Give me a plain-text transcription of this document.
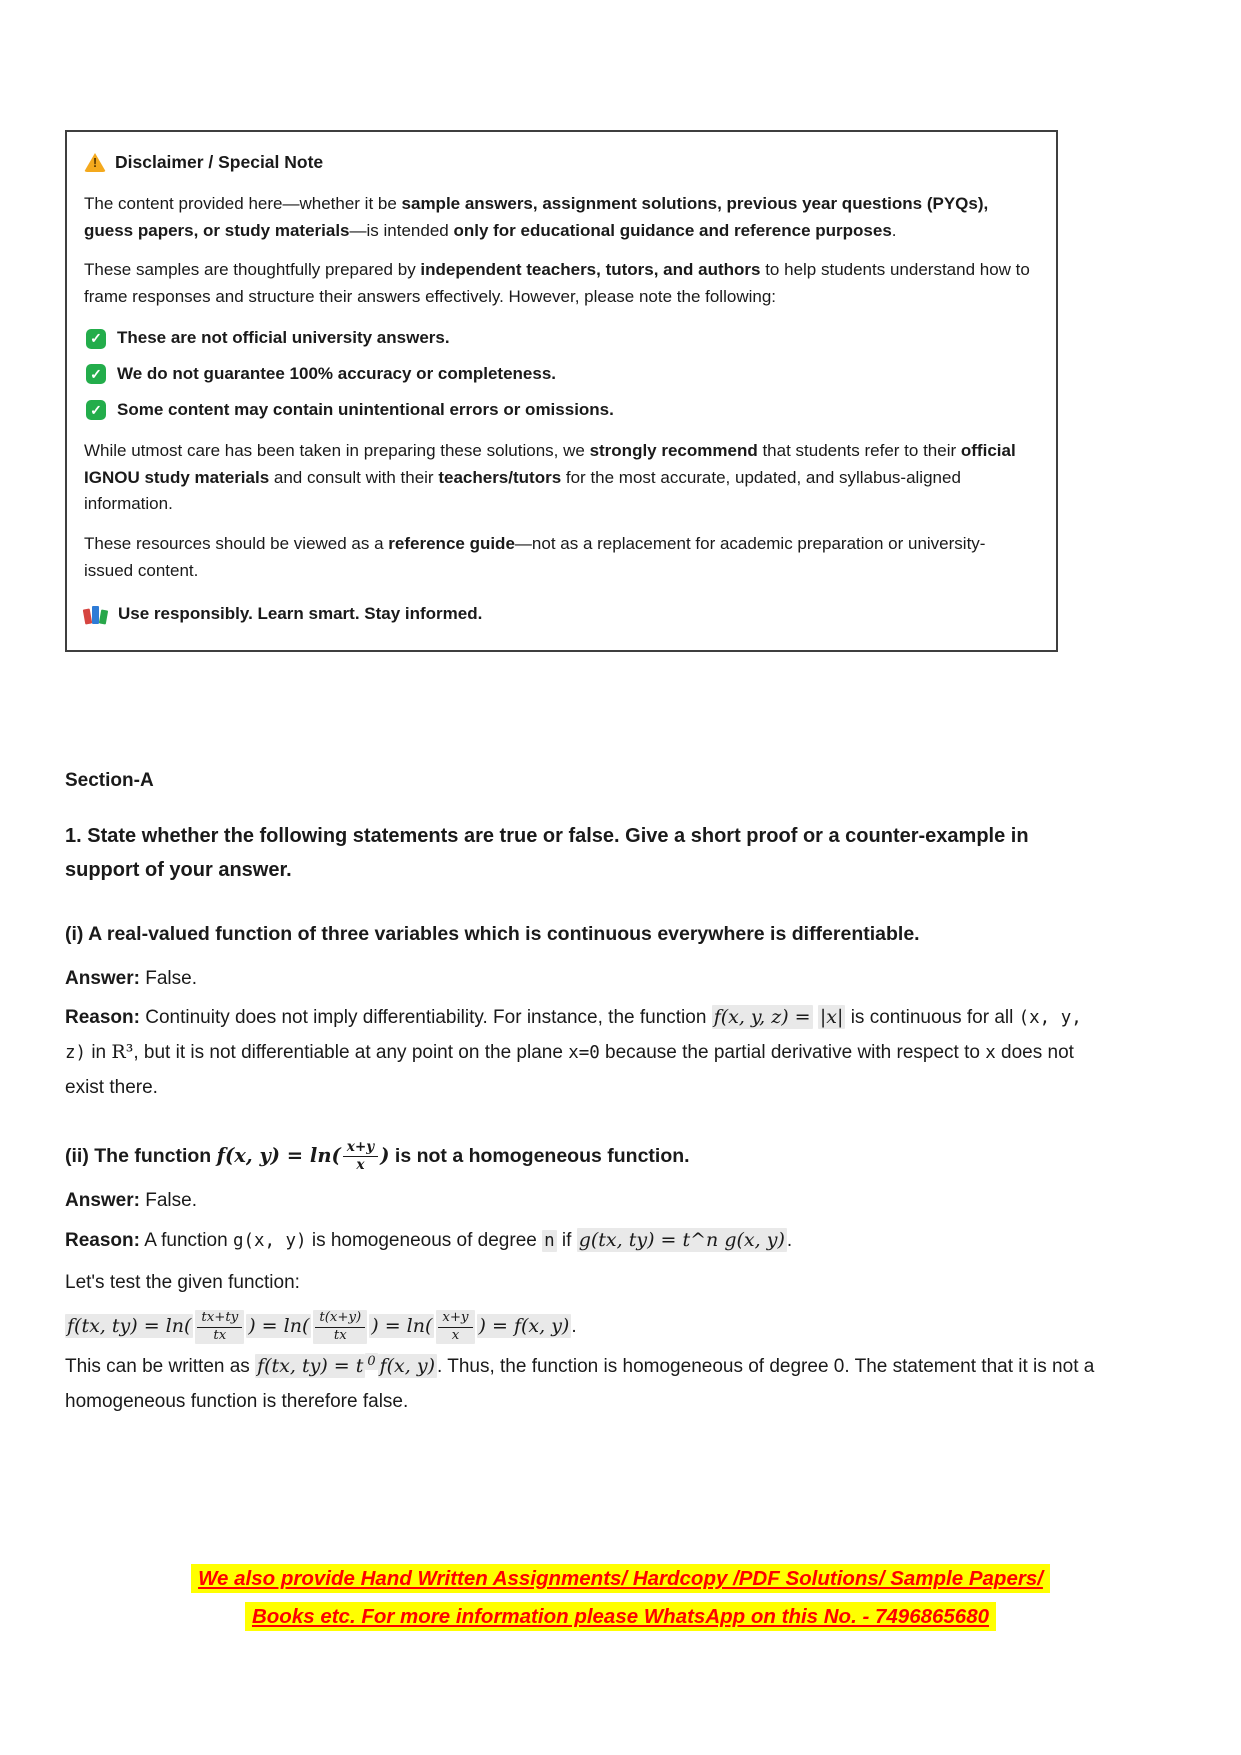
!
Disclaimer / Special Note

The content provided here—whether it be sample answers, assignment solutions, previous year questions (PYQs), guess papers, or study materials—is intended only for educational guidance and reference purposes.

These samples are thoughtfully prepared by independent teachers, tutors, and authors to help students understand how to frame responses and structure their answers effectively. However, please note the following:

✓
These are not official university answers.
✓
We do not guarantee 100% accuracy or completeness.
✓
Some content may contain unintentional errors or omissions.

While utmost care has been taken in preparing these solutions, we strongly recommend that students refer to their official IGNOU study materials and consult with their teachers/tutors for the most accurate, updated, and syllabus-aligned information.

These resources should be viewed as a reference guide—not as a replacement for academic preparation or university-issued content.

Use responsibly. Learn smart. Stay informed.
Section-A
1. State whether the following statements are true or false. Give a short proof or a counter-example in support of your answer.
(i) A real-valued function of three variables which is continuous everywhere is differentiable.
Answer: False.

Reason: Continuity does not imply differentiability. For instance, the function f(x, y, z) = |x| is continuous for all (x, y, z) in R³, but it is not differentiable at any point on the plane x=0 because the partial derivative with respect to x does not exist there.

(ii) The function f(x, $y) = \ln( \frac{x+y}{x}$ ) is not a homogeneous function.
Answer: False.

Reason: A function g(x, y) is homogeneous of degree n if g(tx, ty) = t^n g(x, y) .

Let's test the given function:

f(tx, $ty) = \ln( \frac{tx+ty}{tx}$ ) = $\ln( \frac{t(x+y)}{tx}$ ) = $\ln( \frac{x+y}{x}$ ) = f(x, y) .

This can be written as f(tx, ty) = t $^0$ f(x, y) . Thus, the function is homogeneous of degree 0. The statement that it is not a homogeneous function is therefore false.

We also provide Hand Written Assignments/ Hardcopy /PDF Solutions/ Sample Papers/
Books etc. For more information please WhatsApp on this No. - 7496865680
